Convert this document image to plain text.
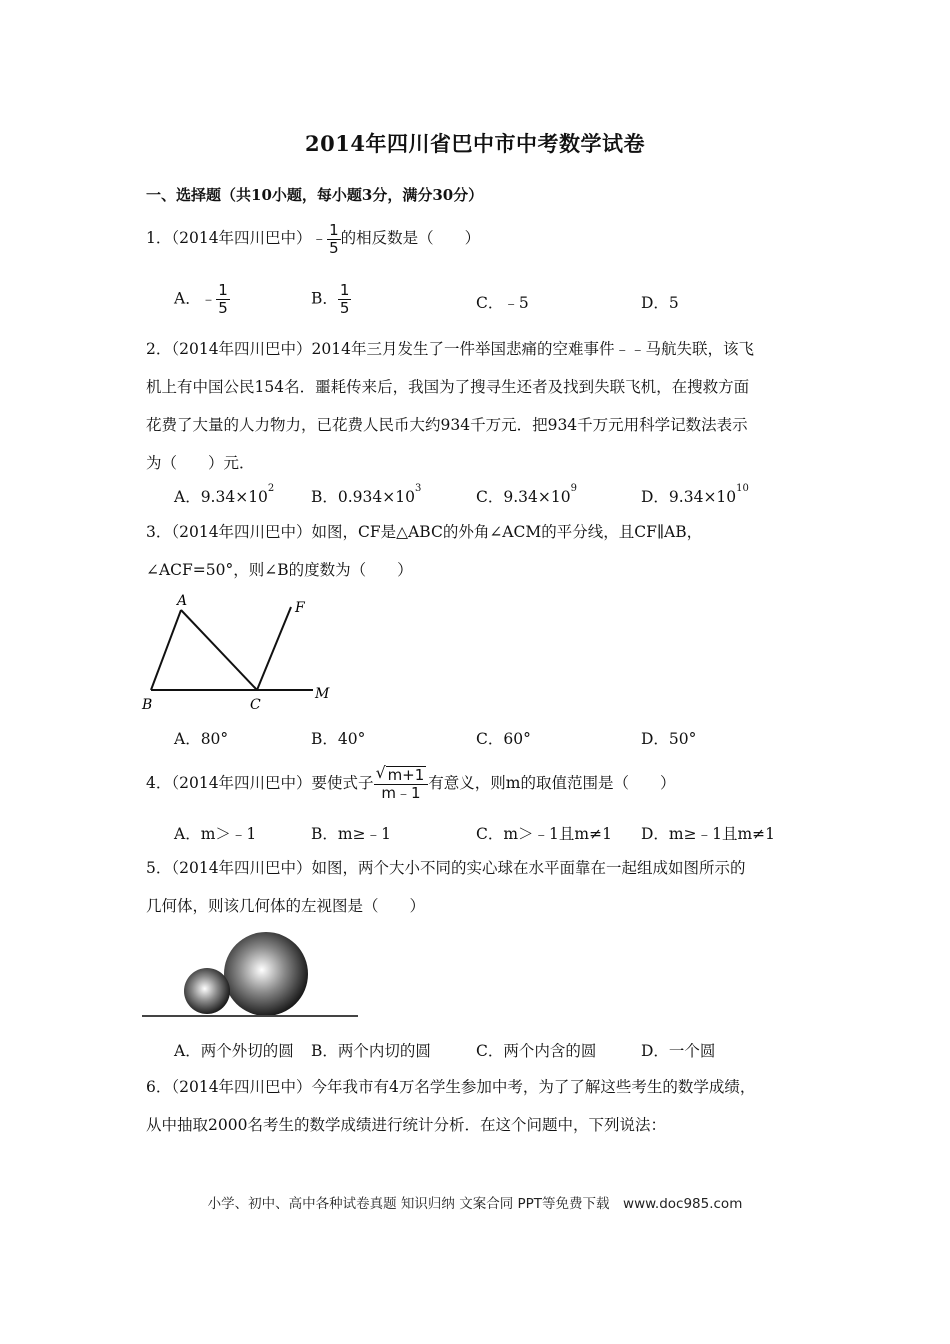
2014年四川省巴中市中考数学试卷
一、选择题（共10小题，每小题3分，满分30分）
1．（2014年四川巴中）﹣ $\frac{1}{5}$ 的相反数是（　　）
A．﹣ $\frac{1}{5}$	B． $\frac{1}{5}$	C．﹣5	D．5
2．（2014年四川巴中）2014年三月发生了一件举国悲痛的空难事件﹣﹣马航失联，该飞
机上有中国公民154名．噩耗传来后，我国为了搜寻生还者及找到失联飞机，在搜救方面
花费了大量的人力物力，已花费人民币大约934千万元．把934千万元用科学记数法表示
为（　　）元．
A．$9.34\times 10^2$ B．$0.934\times 10^3$	C．$9.34\times 10^9$	D．$9.34\times 10^{10}$
3．（2014年四川巴中）如图，CF是△ABC的外角∠ACM的平分线，且CF∥AB，
∠ACF=50°，则∠B的度数为（　　）
A
B	C
F
M
A．80°	B．40°	C．60°	D．50°
4．（2014年四川巴中）要使式子 $\frac{√ m+1}{m﹣1}$ 有意义，则m的取值范围是（　　）
A．m＞﹣1	B．m≥﹣1	C．m＞﹣1且m≠1 D．m≥﹣1且m≠1
5．（2014年四川巴中）如图，两个大小不同的实心球在水平面靠在一起组成如图所示的
几何体，则该几何体的左视图是（　　）
A．两个外切的圆 B．两个内切的圆	C．两个内含的圆	D．一个圆
6．（2014年四川巴中）今年我市有4万名学生参加中考，为了了解这些考生的数学成绩，
从中抽取2000名考生的数学成绩进行统计分析．在这个问题中，下列说法：
小学、初中、高中各种试卷真题 知识归纳 文案合同 PPT等免费下载　www.doc985.com
